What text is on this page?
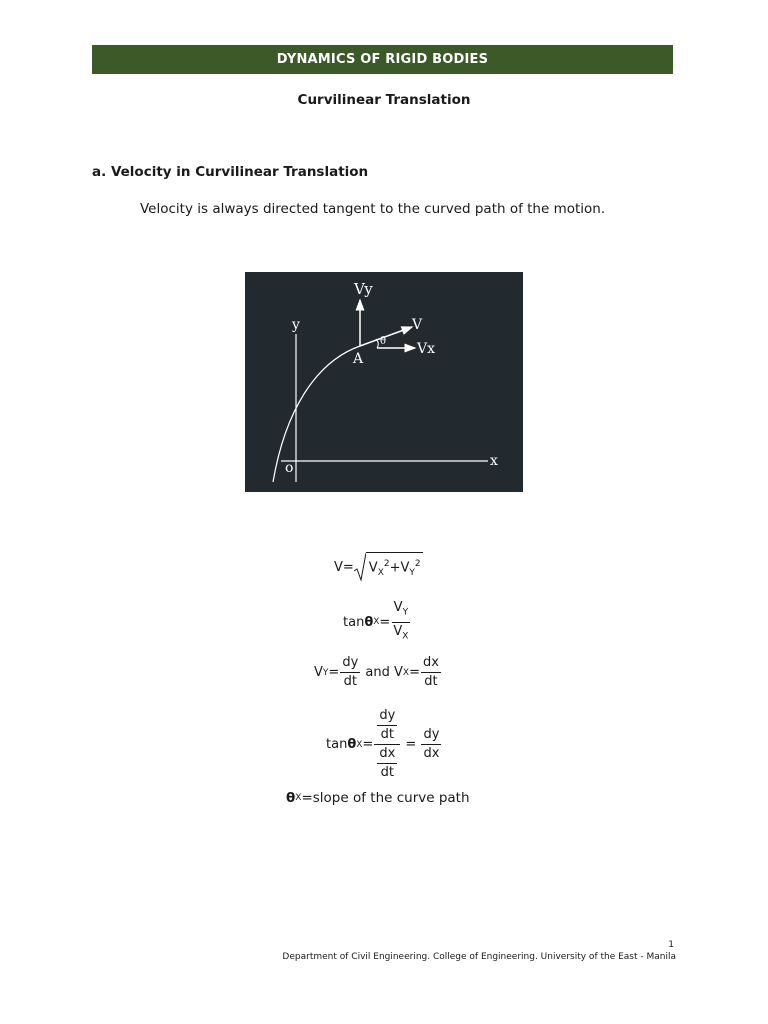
DYNAMICS OF RIGID BODIES
Curvilinear Translation
a. Velocity in Curvilinear Translation
Velocity is always directed tangent to the curved path of the motion.
Vy
y	V
θ Vx
A
o	x
$V= V_X^2+V_Y^2$
tan θ $X = \frac{V_Y}{V_X}$
V $Y = \frac{dy}{dt}$ and V $X = \frac{dx}{dt}$
tan θ $X = \frac{\frac{dy}{dt}}{\frac{dx}{dt}} = \frac{dy}{dx}$
θ X =slope of the curve path
1
Department of Civil Engineering. College of Engineering. University of the East - Manila
